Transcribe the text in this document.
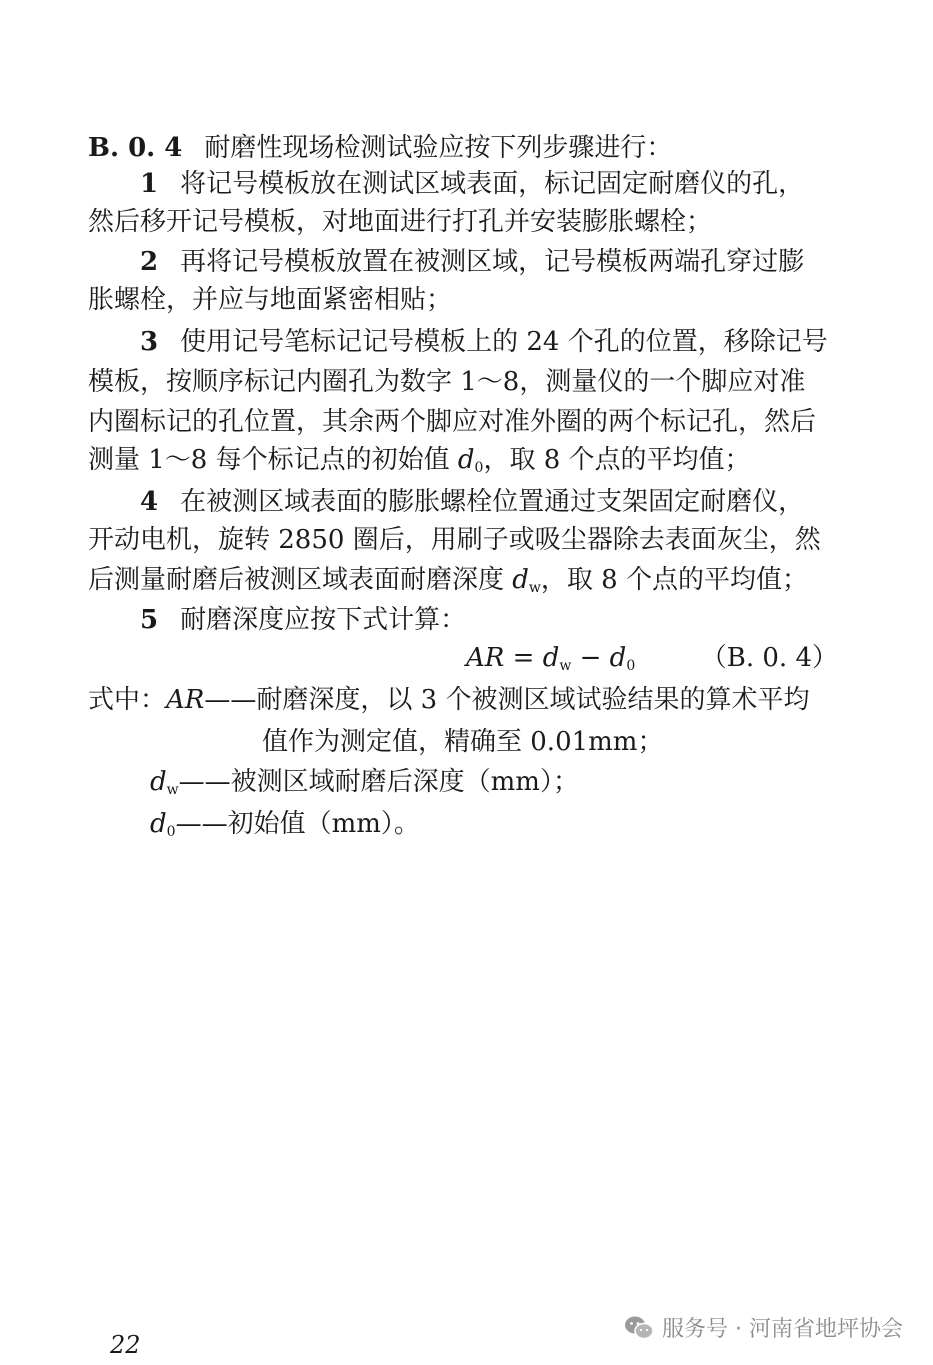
B. 0. 4 耐磨性现场检测试验应按下列步骤进行：
1 将记号模板放在测试区域表面，标记固定耐磨仪的孔，
然后移开记号模板，对地面进行打孔并安装膨胀螺栓；
2 再将记号模板放置在被测区域，记号模板两端孔穿过膨
胀螺栓，并应与地面紧密相贴；
3 使用记号笔标记记号模板上的 24 个孔的位置，移除记号
模板，按顺序标记内圈孔为数字 1～8，测量仪的一个脚应对准
内圈标记的孔位置，其余两个脚应对准外圈的两个标记孔，然后
测量 1～8 每个标记点的初始值 $d_0$，取 8 个点的平均值；
4 在被测区域表面的膨胀螺栓位置通过支架固定耐磨仪，
开动电机，旋转 2850 圈后，用刷子或吸尘器除去表面灰尘，然
后测量耐磨后被测区域表面耐磨深度 $d_w$，取 8 个点的平均值；
5 耐磨深度应按下式计算：
AR = $d_w - d_0$	（B. 0. 4）
式中：AR——耐磨深度，以 3 个被测区域试验结果的算术平均
值作为测定值，精确至 0.01mm；
$d_w——$被测区域耐磨后深度（mm）；
$d_0——$初始值（mm）。
22
服务号 · 河南省地坪协会
